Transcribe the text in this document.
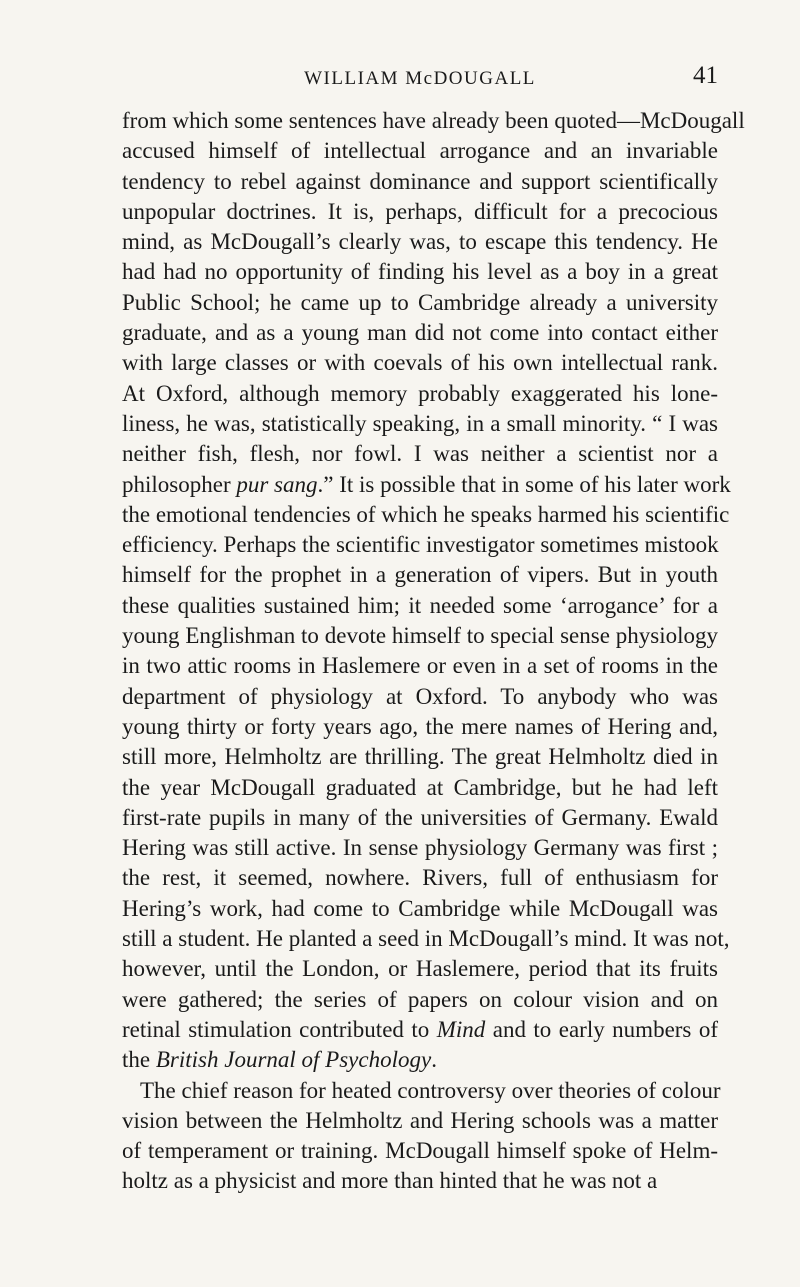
WILLIAM McDOUGALL	41
from which some sentences have already been quoted—McDougall
accused himself of intellectual arrogance and an invariable
tendency to rebel against dominance and support scientifically
unpopular doctrines. It is, perhaps, difficult for a precocious
mind, as McDougall’s clearly was, to escape this tendency. He
had had no opportunity of finding his level as a boy in a great
Public School; he came up to Cambridge already a university
graduate, and as a young man did not come into contact either
with large classes or with coevals of his own intellectual rank.
At Oxford, although memory probably exaggerated his lone-
liness, he was, statistically speaking, in a small minority. “ I was
neither fish, flesh, nor fowl. I was neither a scientist nor a
philosopher pur sang.” It is possible that in some of his later work
the emotional tendencies of which he speaks harmed his scientific
efficiency. Perhaps the scientific investigator sometimes mistook
himself for the prophet in a generation of vipers. But in youth
these qualities sustained him; it needed some ‘arrogance’ for a
young Englishman to devote himself to special sense physiology
in two attic rooms in Haslemere or even in a set of rooms in the
department of physiology at Oxford. To anybody who was
young thirty or forty years ago, the mere names of Hering and,
still more, Helmholtz are thrilling. The great Helmholtz died in
the year McDougall graduated at Cambridge, but he had left
first-rate pupils in many of the universities of Germany. Ewald
Hering was still active. In sense physiology Germany was first ;
the rest, it seemed, nowhere. Rivers, full of enthusiasm for
Hering’s work, had come to Cambridge while McDougall was
still a student. He planted a seed in McDougall’s mind. It was not,
however, until the London, or Haslemere, period that its fruits
were gathered; the series of papers on colour vision and on
retinal stimulation contributed to Mind and to early numbers of
the British Journal of Psychology.
The chief reason for heated controversy over theories of colour
vision between the Helmholtz and Hering schools was a matter
of temperament or training. McDougall himself spoke of Helm-
holtz as a physicist and more than hinted that he was not a
